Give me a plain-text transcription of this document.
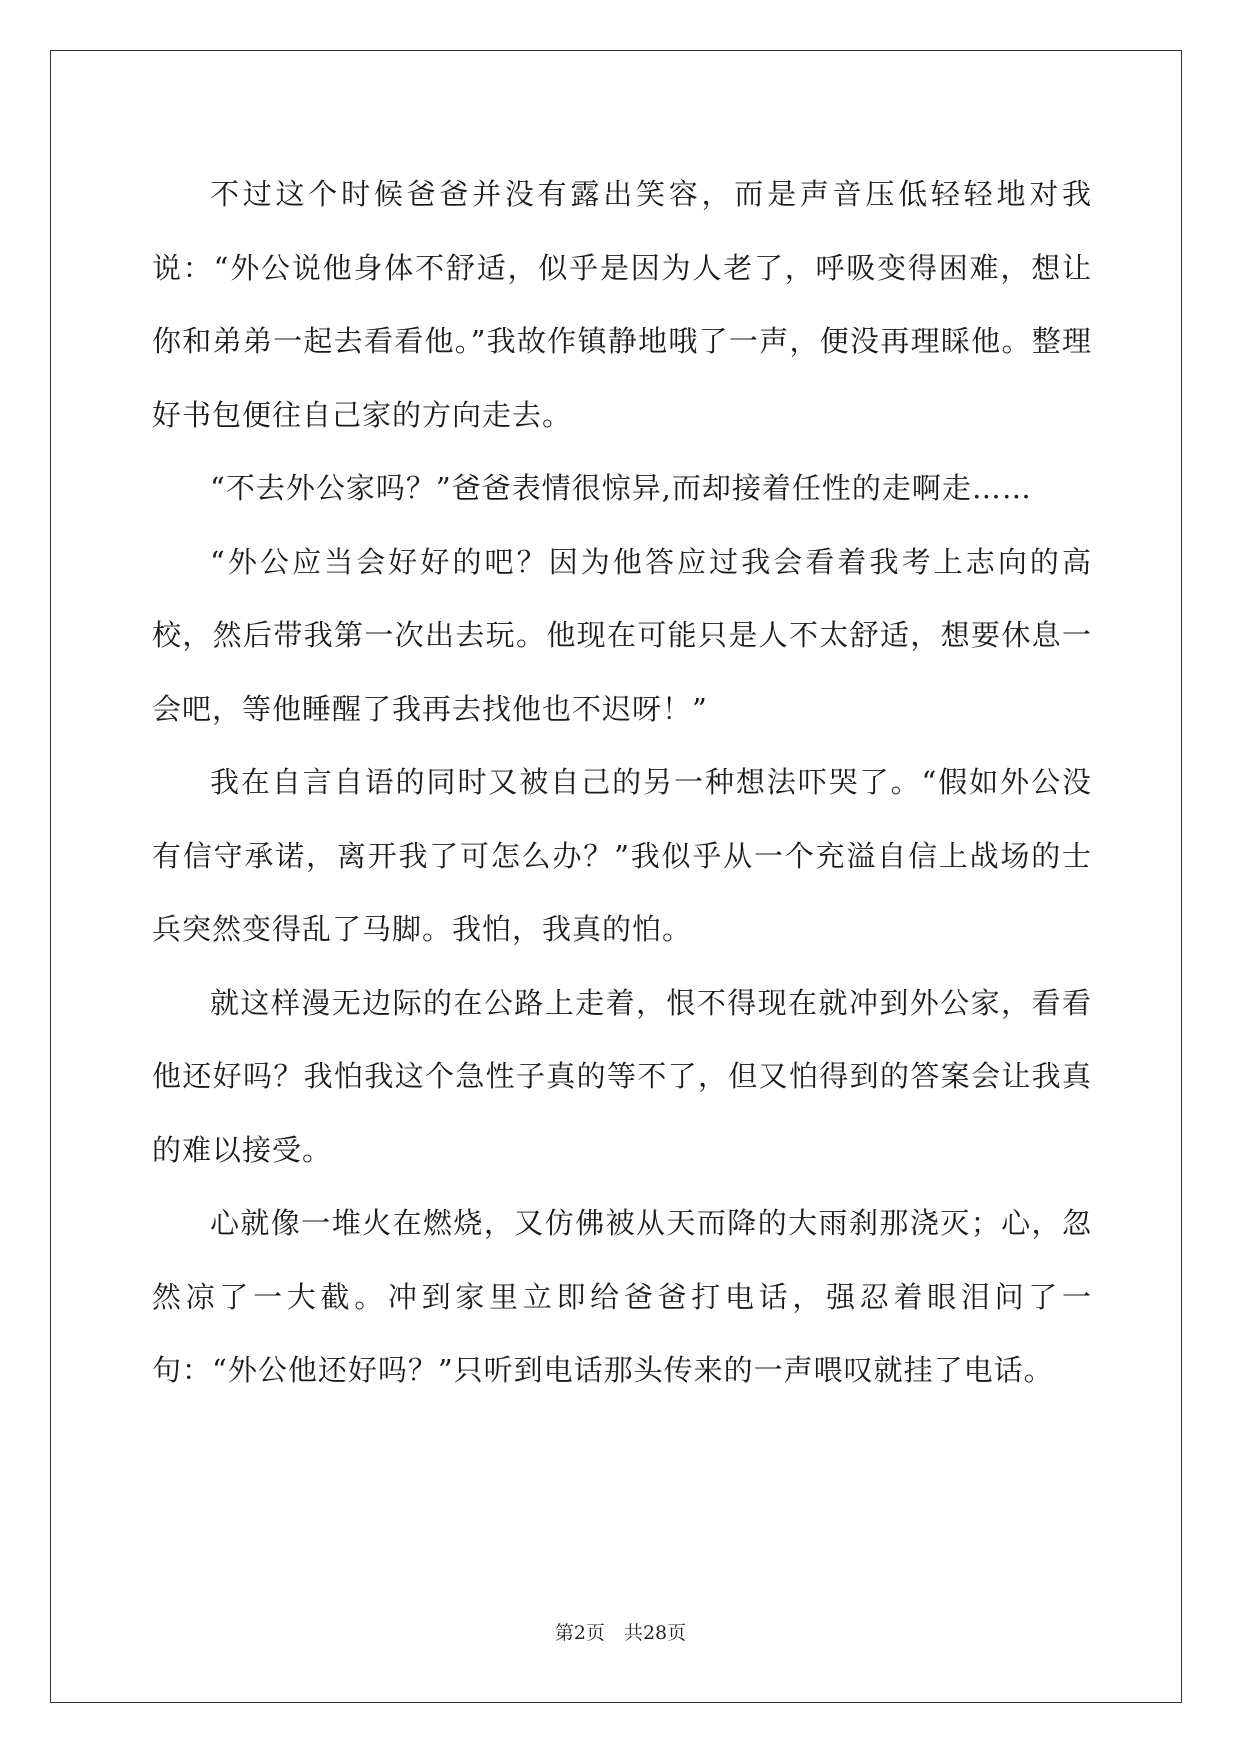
不过这个时候爸爸并没有露出笑容，而是声音压低轻轻地对我说：“外公说他身体不舒适，似乎是因为人老了，呼吸变得困难，想让你和弟弟一起去看看他。”我故作镇静地哦了一声，便没再理睬他。整理好书包便往自己家的方向走去。

“不去外公家吗？”爸爸表情很惊异,而却接着任性的走啊走……

“外公应当会好好的吧？因为他答应过我会看着我考上志向的高校，然后带我第一次出去玩。他现在可能只是人不太舒适，想要休息一会吧，等他睡醒了我再去找他也不迟呀！”

我在自言自语的同时又被自己的另一种想法吓哭了。“假如外公没有信守承诺，离开我了可怎么办？”我似乎从一个充溢自信上战场的士兵突然变得乱了马脚。我怕，我真的怕。

就这样漫无边际的在公路上走着，恨不得现在就冲到外公家，看看他还好吗？我怕我这个急性子真的等不了，但又怕得到的答案会让我真的难以接受。

心就像一堆火在燃烧，又仿佛被从天而降的大雨刹那浇灭；心，忽然凉了一大截。冲到家里立即给爸爸打电话，强忍着眼泪问了一句：“外公他还好吗？”只听到电话那头传来的一声喂叹就挂了电话。

第2页　共28页
